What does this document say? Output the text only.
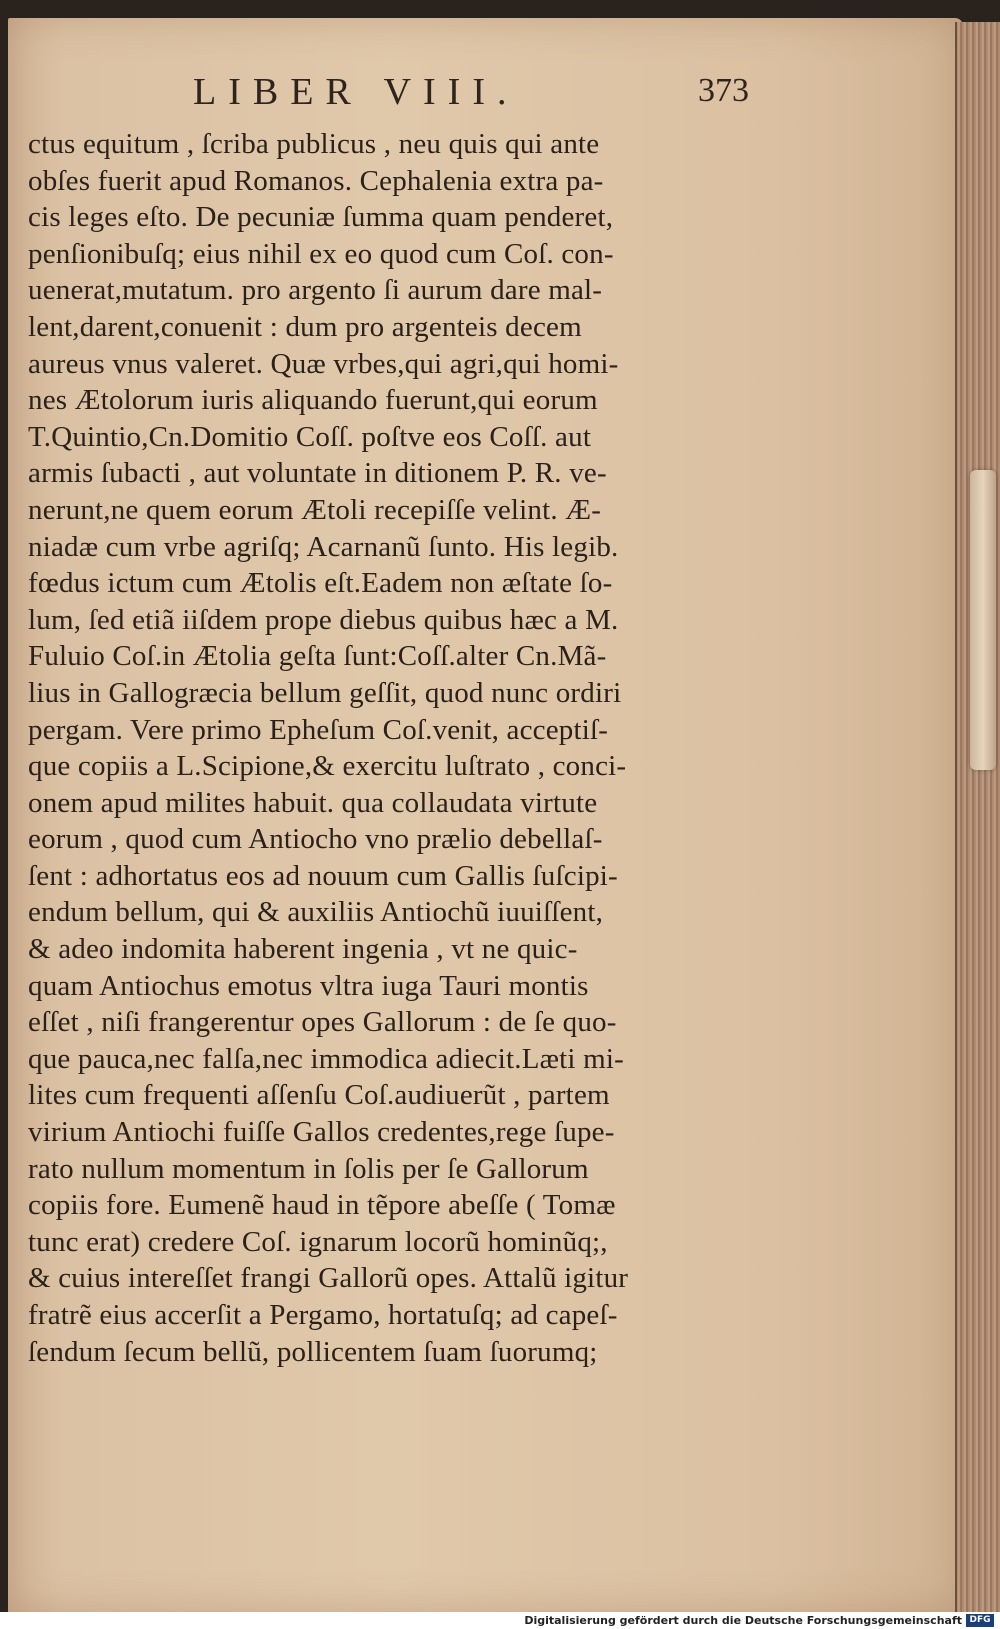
LIBER VIII.	373
ctus equitum , ſcriba publicus , neu quis qui ante
obſes fuerit apud Romanos. Cephalenia extra pa-
cis leges eſto. De pecuniæ ſumma quam penderet,
penſionibuſq; eius nihil ex eo quod cum Coſ. con-
uenerat,mutatum. pro argento ſi aurum dare mal-
lent,darent,conuenit : dum pro argenteis decem
aureus vnus valeret. Quæ vrbes,qui agri,qui homi-
nes Ætolorum iuris aliquando fuerunt,qui eorum
T.Quintio,Cn.Domitio Coſſ. poſtve eos Coſſ. aut
armis ſubacti , aut voluntate in ditionem P. R. ve-
nerunt,ne quem eorum Ætoli recepiſſe velint. Æ-
niadæ cum vrbe agriſq; Acarnanũ ſunto. His legib.
fœdus ictum cum Ætolis eſt.Eadem non æſtate ſo-
lum, ſed etiã iiſdem prope diebus quibus hæc a M.
Fuluio Coſ.in Ætolia geſta ſunt:Coſſ.alter Cn.Mã-
lius in Gallogræcia bellum geſſit, quod nunc ordiri
pergam. Vere primo Epheſum Coſ.venit, acceptiſ-
que copiis a L.Scipione,& exercitu luſtrato , conci-
onem apud milites habuit. qua collaudata virtute
eorum , quod cum Antiocho vno prælio debellaſ-
ſent : adhortatus eos ad nouum cum Gallis ſuſcipi-
endum bellum, qui & auxiliis Antiochũ iuuiſſent,
& adeo indomita haberent ingenia , vt ne quic-
quam Antiochus emotus vltra iuga Tauri montis
eſſet , niſi frangerentur opes Gallorum : de ſe quo-
que pauca,nec falſa,nec immodica adiecit.Læti mi-
lites cum frequenti aſſenſu Coſ.audiuerũt , partem
virium Antiochi fuiſſe Gallos credentes,rege ſupe-
rato nullum momentum in ſolis per ſe Gallorum
copiis fore. Eumenẽ haud in tẽpore abeſſe ( Tomæ
tunc erat) credere Coſ. ignarum locorũ hominũq;,
& cuius intereſſet frangi Gallorũ opes. Attalũ igitur
fratrẽ eius accerſit a Pergamo, hortatuſq; ad capeſ-
ſendum ſecum bellũ, pollicentem ſuam ſuorumq;
Digitalisierung gefördert durch die Deutsche Forschungsgemeinschaft DFG
